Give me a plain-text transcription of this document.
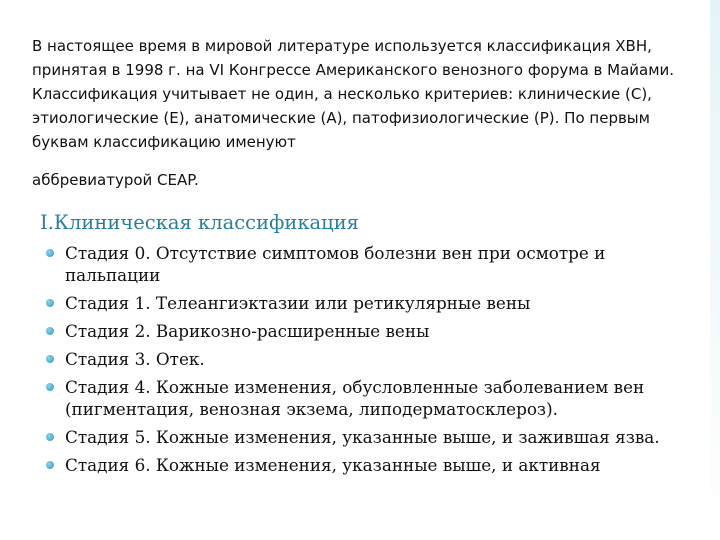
В настоящее время в мировой литературе используется классификация ХВН, принятая в 1998 г. на VI Конгрессе Американского венозного форума в Майами. Классификация учитывает не один, а несколько критериев: клинические (С), этиологические (E), анатомические (А), патофизиологические (P). По первым буквам классификацию именуют

аббревиатурой CEAP.

I.Клиническая классификация
Стадия 0. Отсутствие симптомов болезни вен при осмотре и пальпации
Стадия 1. Телеангиэктазии или ретикулярные вены
Стадия 2. Варикозно-расширенные вены
Стадия 3. Отек.
Стадия 4. Кожные изменения, обусловленные заболеванием вен (пигментация, венозная экзема, липодерматосклероз).
Стадия 5. Кожные изменения, указанные выше, и зажившая язва.
Стадия 6. Кожные изменения, указанные выше, и активная
